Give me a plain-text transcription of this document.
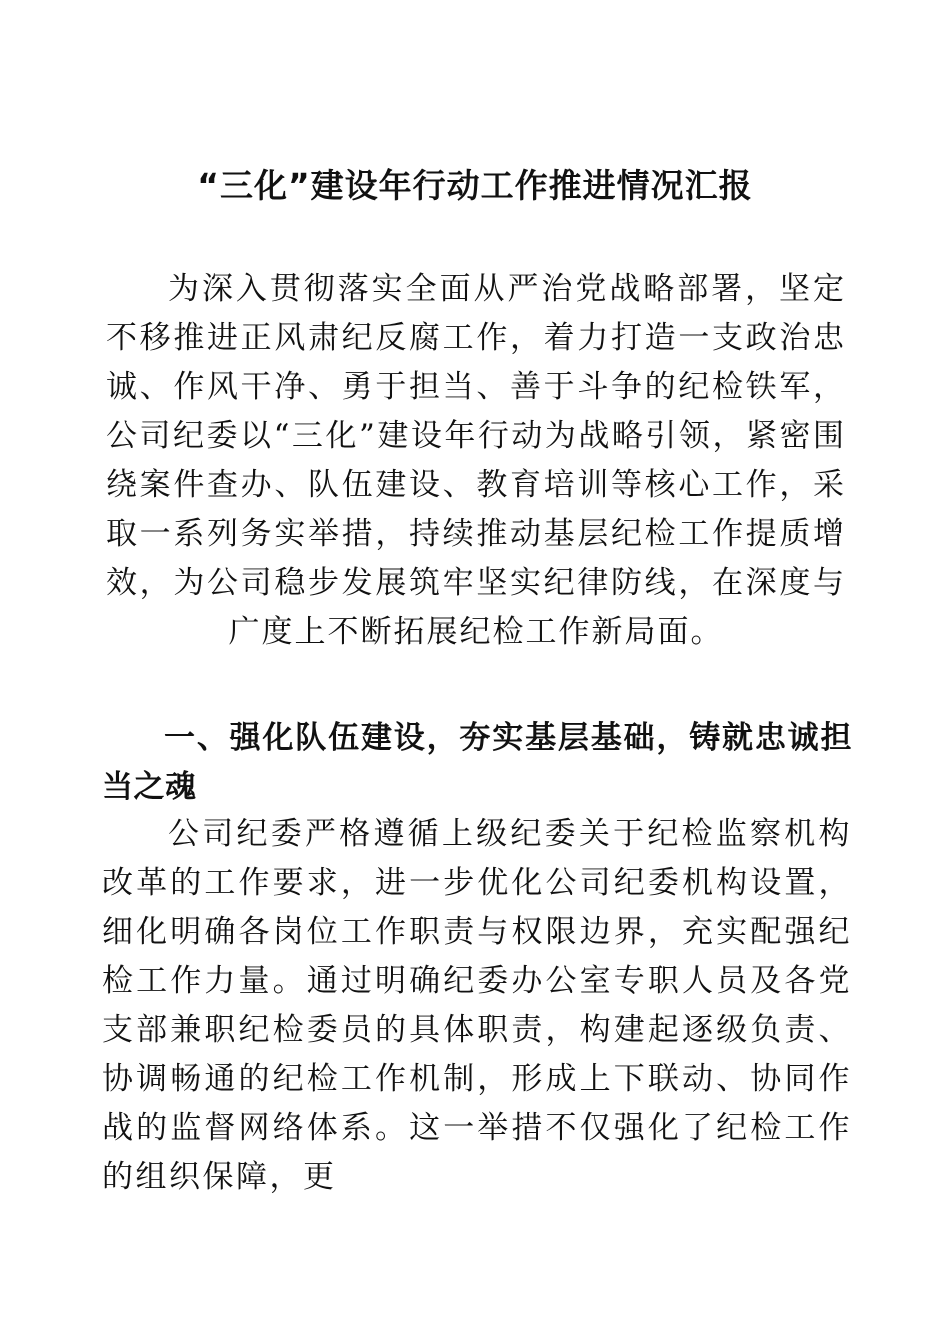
“三化”建设年行动工作推进情况汇报

为深入贯彻落实全面从严治党战略部署，坚定不移推进正风肃纪反腐工作，着力打造一支政治忠诚、作风干净、勇于担当、善于斗争的纪检铁军，公司纪委以“三化”建设年行动为战略引领，紧密围绕案件查办、队伍建设、教育培训等核心工作，采取一系列务实举措，持续推动基层纪检工作提质增效，为公司稳步发展筑牢坚实纪律防线，在深度与广度上不断拓展纪检工作新局面。

一、强化队伍建设，夯实基层基础，铸就忠诚担当之魂

公司纪委严格遵循上级纪委关于纪检监察机构改革的工作要求，进一步优化公司纪委机构设置，细化明确各岗位工作职责与权限边界，充实配强纪检工作力量。通过明确纪委办公室专职人员及各党支部兼职纪检委员的具体职责，构建起逐级负责、协调畅通的纪检工作机制，形成上下联动、协同作战的监督网络体系。这一举措不仅强化了纪检工作的组织保障，更
